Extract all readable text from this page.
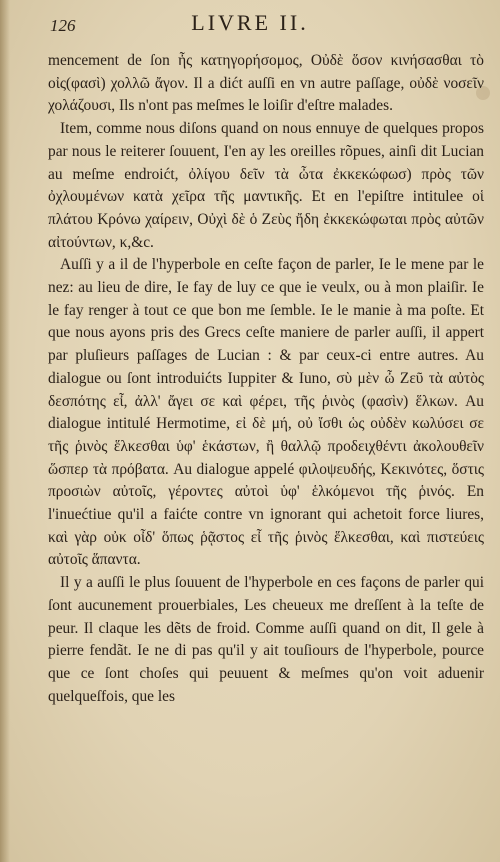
126	LIVRE II.

mencement de ſon ἦς κατηγορήσομος, Οὐδὲ ὅσον κινήσασθαι τὸ οἰς(φασὶ) χολλῶ ἄγον. Il a dićt auſſi en vn autre paſſage, οὐδὲ νοσεῖν χολάζουσι, Ils n'ont pas meſmes le loiſir d'eſtre malades.

Item, comme nous diſons quand on nous ennuye de quelques propos par nous le reiterer ſouuent, I'en ay les oreilles rõpues, ainſi dit Lucian au meſme endroićt, ὀλίγου δεῖν τὰ ὦτα ἐκκεκώφωσ) πρὸς τῶν ὀχλουμένων κατὰ χεῖρα τῆς μαντικῆς. Et en l'epiſtre intitulee οἱ πλάτου Κρόνω χαίρειν, Οὐχὶ δὲ ὁ Ζεὺς ἤδη ἐκκεκώφωται πρὸς αὐτῶν αἰτούντων, κ,&c.

Auſſi y a il de l'hyperbole en ceſte façon de parler, Ie le mene par le nez: au lieu de dire, Ie fay de luy ce que ie veulx, ou à mon plaiſir. Ie le fay renger à tout ce que bon me ſemble. Ie le manie à ma poſte. Et que nous ayons pris des Grecs ceſte maniere de parler auſſi, il appert par pluſieurs paſſages de Lucian : & par ceux-ci entre autres. Au dialogue ou ſont introduićts Iuppiter & Iuno, σὺ μὲν ὦ Ζεῦ τὰ αὐτὸς δεσπότης εἶ, ἀλλ' ἄγει σε καὶ φέρει, τῆς ῥινὸς (φασὶν) ἕλκων. Au dialogue intitulé Hermotime, εἰ δὲ μή, οὐ ἴσθι ὡς οὐδὲν κωλύσει σε τῆς ῥινὸς ἕλκεσθαι ὑφ' ἑκάστων, ἢ θαλλῷ προδειχθέντι ἀκολουθεῖν ὥσπερ τὰ πρόβατα. Au dialogue appelé φιλοψευδής, Κεκινότες, ὅστις προσιὼν αὐτοῖς, γέροντες αὐτοὶ ὑφ' ἑλκόμενοι τῆς ῥινός. En l'inuećtiue qu'il a faićte contre vn ignorant qui achetoit force liures, καὶ γὰρ οὐκ οἶδ' ὅπως ῥᾷστος εἶ τῆς ῥινὸς ἕλκεσθαι, καὶ πιστεύεις αὐτοῖς ἅπαντα.

Il y a auſſi le plus ſouuent de l'hyperbole en ces façons de parler qui ſont aucunement prouerbiales, Les cheueux me dreſſent à la teſte de peur. Il claque les dẽts de froid. Comme auſſi quand on dit, Il gele à pierre fendãt. Ie ne di pas qu'il y ait touſiours de l'hyperbole, pource que ce ſont choſes qui peuuent & meſmes qu'on voit aduenir quelqueſfois, que les
